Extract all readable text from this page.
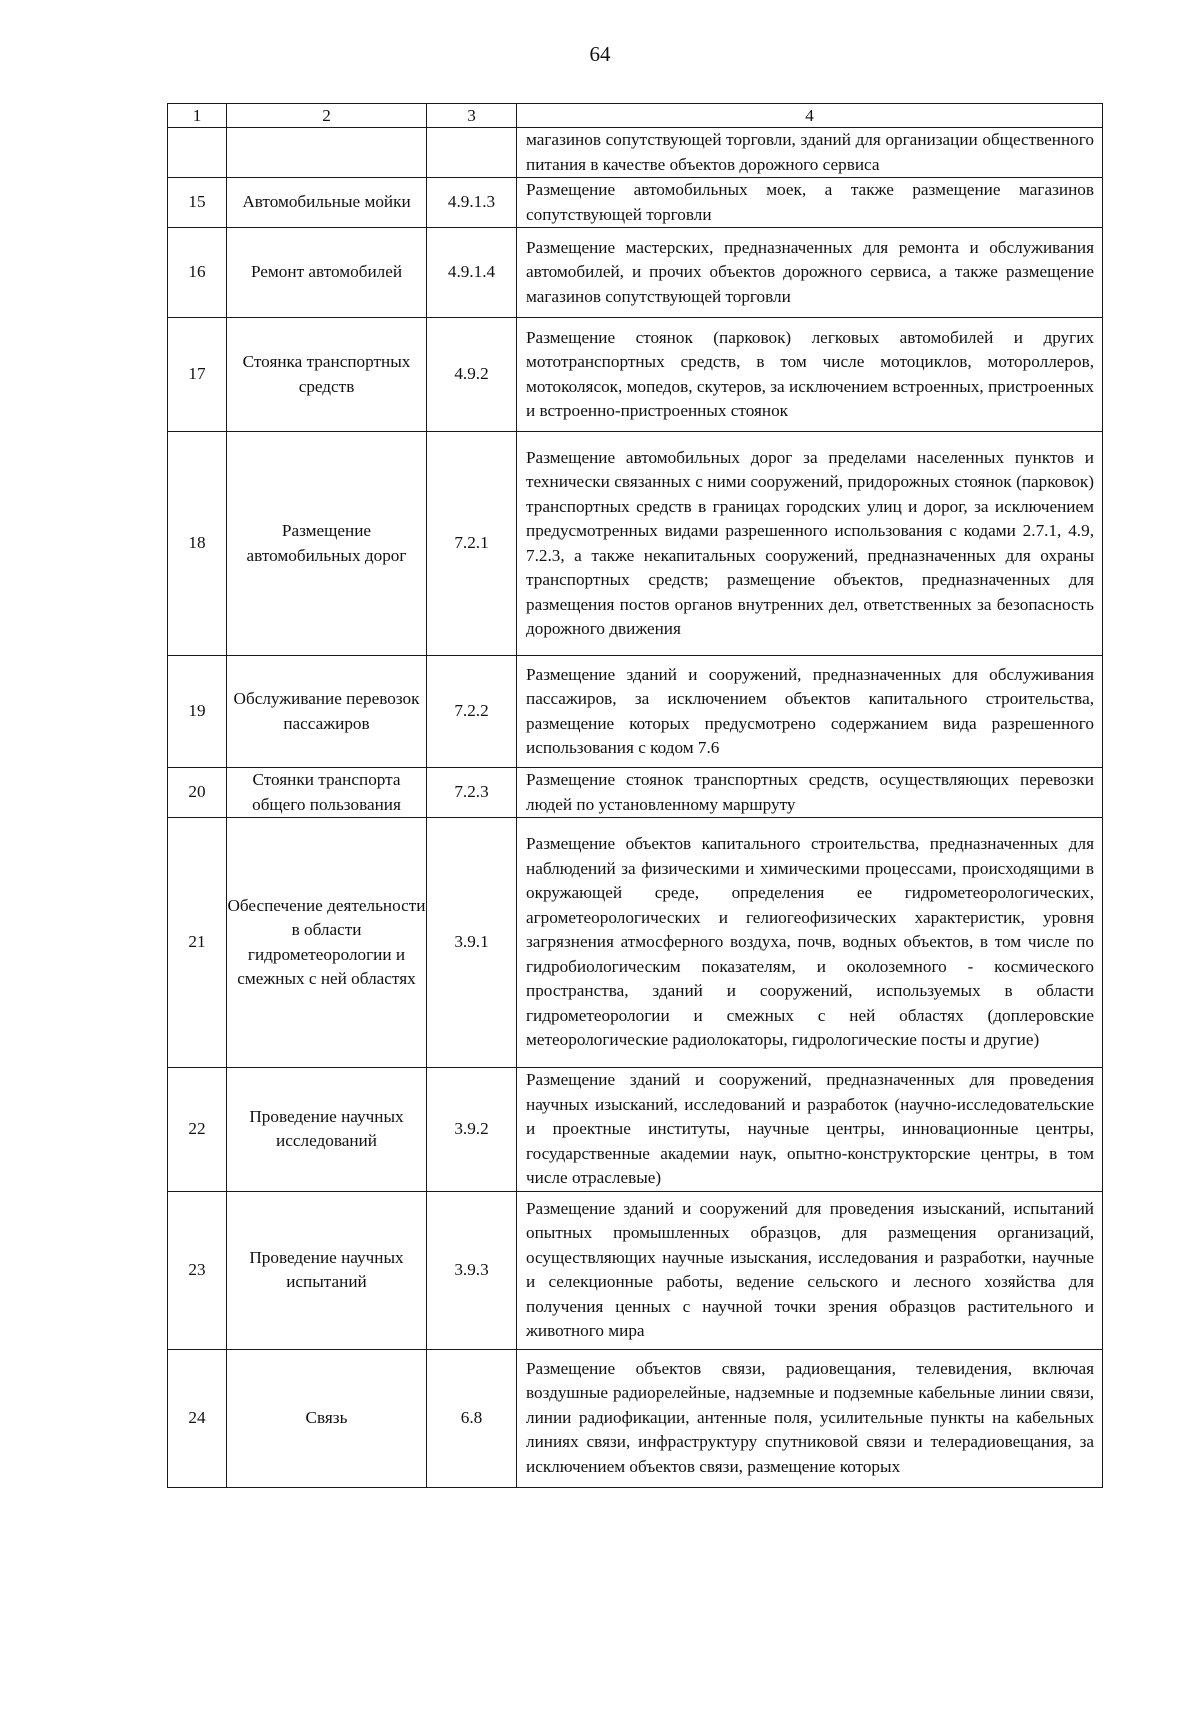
64
1	2	3	4
			магазинов сопутствующей торговли, зданий для организации общественного питания в качестве объектов дорожного сервиса
15	Автомобильные мойки	4.9.1.3	Размещение автомобильных моек, а также размещение магазинов сопутствующей торговли
16	Ремонт автомобилей	4.9.1.4	Размещение мастерских, предназначенных для ремонта и обслуживания автомобилей, и прочих объектов дорожного сервиса, а также размещение магазинов сопутствующей торговли
17	Стоянка транспортных средств	4.9.2	Размещение стоянок (парковок) легковых автомобилей и других мототранспортных средств, в том числе мотоциклов, мотороллеров, мотоколясок, мопедов, скутеров, за исключением встроенных, пристроенных и встроенно-пристроенных стоянок
18	Размещение автомобильных дорог	7.2.1	Размещение автомобильных дорог за пределами населенных пунктов и технически связанных с ними сооружений, придорожных стоянок (парковок) транспортных средств в границах городских улиц и дорог, за исключением предусмотренных видами разрешенного использования с кодами 2.7.1, 4.9, 7.2.3, а также некапитальных сооружений, предназначенных для охраны транспортных средств; размещение объектов, предназначенных для размещения постов органов внутренних дел, ответственных за безопасность дорожного движения
19	Обслуживание перевозок пассажиров	7.2.2	Размещение зданий и сооружений, предназначенных для обслуживания пассажиров, за исключением объектов капитального строительства, размещение которых предусмотрено содержанием вида разрешенного использования с кодом 7.6
20	Стоянки транспорта общего пользования	7.2.3	Размещение стоянок транспортных средств, осуществляющих перевозки людей по установленному маршруту
21	Обеспечение деятельности в области гидрометеорологии и смежных с ней областях	3.9.1	Размещение объектов капитального строительства, предназначенных для наблюдений за физическими и химическими процессами, происходящими в окружающей среде, определения ее гидрометеорологических, агрометеорологических и гелиогеофизических характеристик, уровня загрязнения атмосферного воздуха, почв, водных объектов, в том числе по гидробиологическим показателям, и околоземного - космического пространства, зданий и сооружений, используемых в области гидрометеорологии и смежных с ней областях (доплеровские метеорологические радиолокаторы, гидрологические посты и другие)
22	Проведение научных исследований	3.9.2	Размещение зданий и сооружений, предназначенных для проведения научных изысканий, исследований и разработок (научно-исследовательские и проектные институты, научные центры, инновационные центры, государственные академии наук, опытно-конструкторские центры, в том числе отраслевые)
23	Проведение научных испытаний	3.9.3	Размещение зданий и сооружений для проведения изысканий, испытаний опытных промышленных образцов, для размещения организаций, осуществляющих научные изыскания, исследования и разработки, научные и селекционные работы, ведение сельского и лесного хозяйства для получения ценных с научной точки зрения образцов растительного и животного мира
24	Связь	6.8	Размещение объектов связи, радиовещания, телевидения, включая воздушные радиорелейные, надземные и подземные кабельные линии связи, линии радиофикации, антенные поля, усилительные пункты на кабельных линиях связи, инфраструктуру спутниковой связи и телерадиовещания, за исключением объектов связи, размещение которых
